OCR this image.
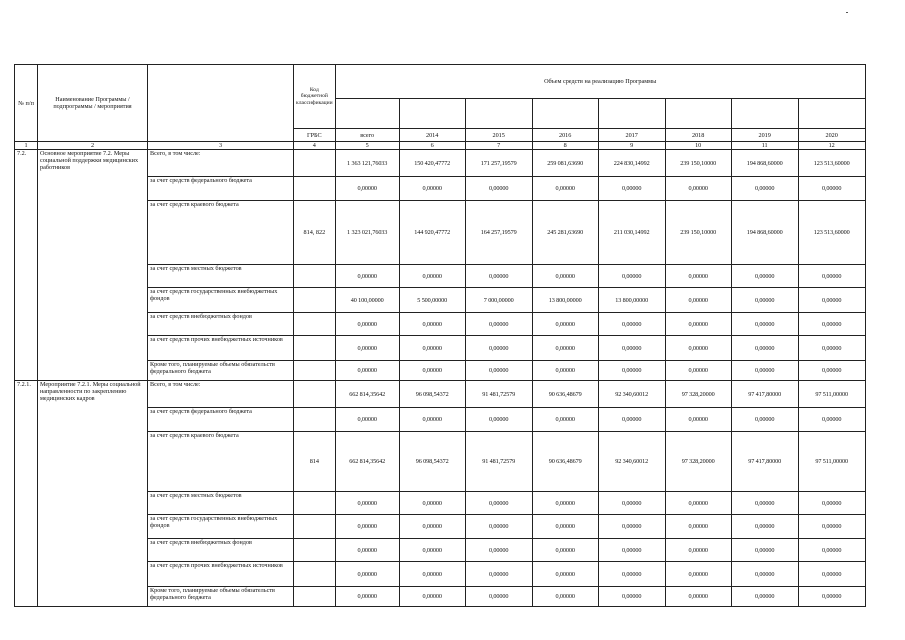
№ п/п	Наименование Программы / подпрограммы / мероприятия		Код бюджетной классификации	Объем средств на реализацию Программы							

			ГРБС	всего	2014	2015	2016	2017	2018	2019	2020
1	2	3	4	5	6	7	8	9	10	11	12
7.2.	Основное мероприятие 7.2. Меры социальной поддержки медицинских работников	Всего, в том числе:		1 363 121,76033	150 420,47772	171 257,19579	259 081,63690	224 830,14992	239 150,10000	194 868,60000	123 513,60000
		за счет средств федерального бюджета		0,00000	0,00000	0,00000	0,00000	0,00000	0,00000	0,00000	0,00000
		за счет средств краевого бюджета	814, 822	1 323 021,76033	144 920,47772	164 257,19579	245 281,63690	211 030,14992	239 150,10000	194 868,60000	123 513,60000
		за счет средств местных бюджетов		0,00000	0,00000	0,00000	0,00000	0,00000	0,00000	0,00000	0,00000
		за счет средств государственных внебюджетных фондов		40 100,00000	5 500,00000	7 000,00000	13 800,00000	13 800,00000	0,00000	0,00000	0,00000
		за счет средств внебюджетных фондов		0,00000	0,00000	0,00000	0,00000	0,00000	0,00000	0,00000	0,00000
		за счет средств прочих внебюджетных источников		0,00000	0,00000	0,00000	0,00000	0,00000	0,00000	0,00000	0,00000
		Кроме того, планируемые объемы обязательств федерального бюджета		0,00000	0,00000	0,00000	0,00000	0,00000	0,00000	0,00000	0,00000
7.2.1.	Мероприятие 7.2.1. Меры социальной направленности по закреплению медицинских кадров	Всего, в том числе:		662 814,35642	96 098,54372	91 481,72579	90 636,48679	92 340,60012	97 328,20000	97 417,80000	97 511,00000
		за счет средств федерального бюджета		0,00000	0,00000	0,00000	0,00000	0,00000	0,00000	0,00000	0,00000
		за счет средств краевого бюджета	814	662 814,35642	96 098,54372	91 481,72579	90 636,48679	92 340,60012	97 328,20000	97 417,80000	97 511,00000
		за счет средств местных бюджетов		0,00000	0,00000	0,00000	0,00000	0,00000	0,00000	0,00000	0,00000
		за счет средств государственных внебюджетных фондов		0,00000	0,00000	0,00000	0,00000	0,00000	0,00000	0,00000	0,00000
		за счет средств внебюджетных фондов		0,00000	0,00000	0,00000	0,00000	0,00000	0,00000	0,00000	0,00000
		за счет средств прочих внебюджетных источников		0,00000	0,00000	0,00000	0,00000	0,00000	0,00000	0,00000	0,00000
		Кроме того, планируемые объемы обязательств федерального бюджета		0,00000	0,00000	0,00000	0,00000	0,00000	0,00000	0,00000	0,00000
